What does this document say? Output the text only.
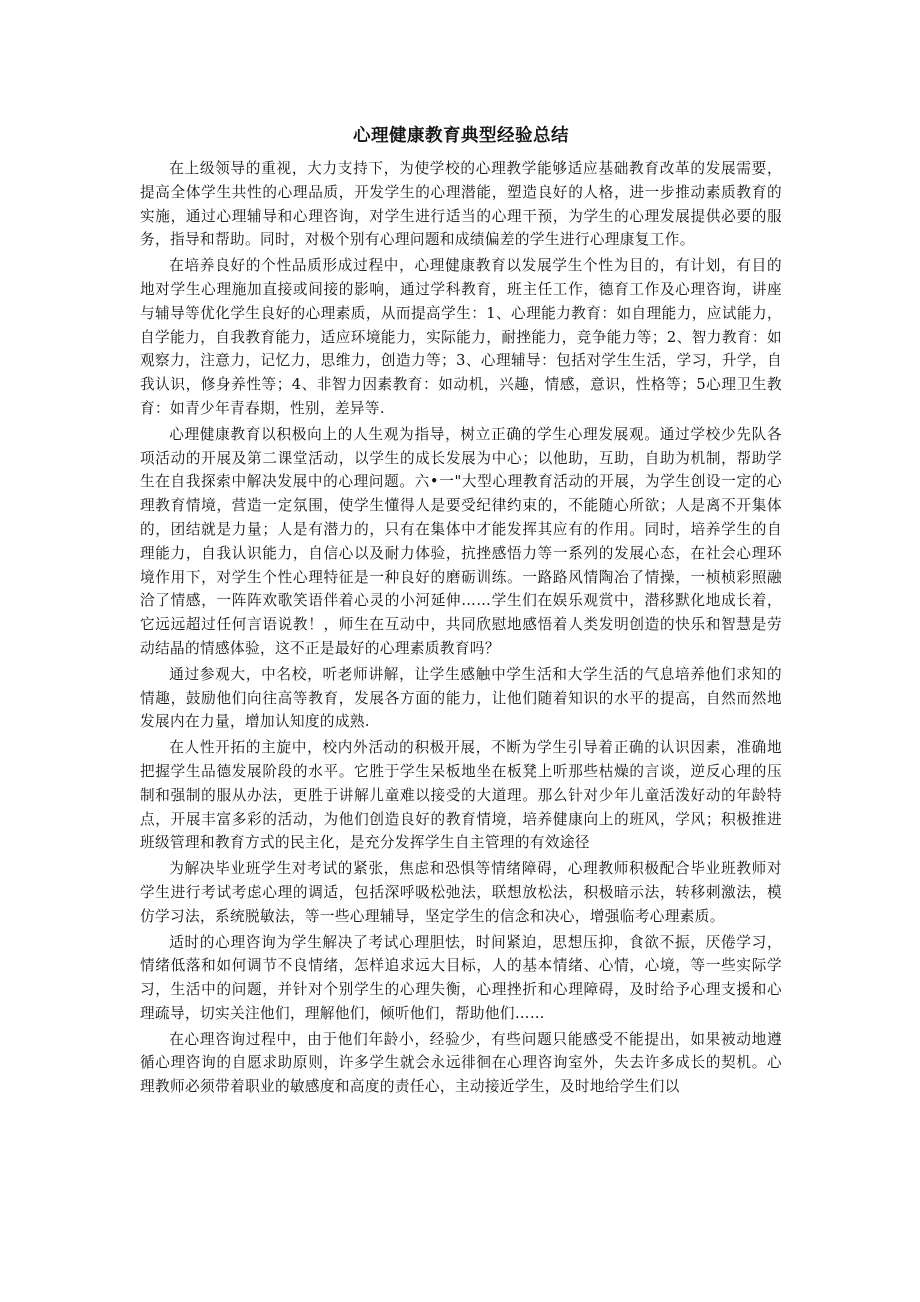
心理健康教育典型经验总结

在上级领导的重视，大力支持下，为使学校的心理教学能够适应基础教育改革的发展需要，提高全体学生共性的心理品质，开发学生的心理潜能，塑造良好的人格，进一步推动素质教育的实施，通过心理辅导和心理咨询，对学生进行适当的心理干预，为学生的心理发展提供必要的服务，指导和帮助。同时，对极个别有心理问题和成绩偏差的学生进行心理康复工作。

在培养良好的个性品质形成过程中，心理健康教育以发展学生个性为目的，有计划，有目的地对学生心理施加直接或间接的影响，通过学科教育，班主任工作，德育工作及心理咨询，讲座与辅导等优化学生良好的心理素质，从而提高学生：1、心理能力教育：如自理能力，应试能力，自学能力，自我教育能力，适应环境能力，实际能力，耐挫能力，竞争能力等；2、智力教育：如观察力，注意力，记忆力，思维力，创造力等；3、心理辅导：包括对学生生活，学习，升学，自我认识，修身养性等；4、非智力因素教育：如动机，兴趣，情感，意识，性格等；5心理卫生教育：如青少年青春期，性别，差异等.

心理健康教育以积极向上的人生观为指导，树立正确的学生心理发展观。通过学校少先队各项活动的开展及第二课堂活动，以学生的成长发展为中心；以他助，互助，自助为机制，帮助学生在自我探索中解决发展中的心理问题。六•一"大型心理教育活动的开展，为学生创设一定的心理教育情境，营造一定氛围，使学生懂得人是要受纪律约束的，不能随心所欲；人是离不开集体的，团结就是力量；人是有潜力的，只有在集体中才能发挥其应有的作用。同时，培养学生的自理能力，自我认识能力，自信心以及耐力体验，抗挫感悟力等一系列的发展心态，在社会心理环境作用下，对学生个性心理特征是一种良好的磨砺训练。一路路风情陶冶了情操，一桢桢彩照融洽了情感，一阵阵欢歌笑语伴着心灵的小河延伸……学生们在娱乐观赏中，潜移默化地成长着，它远远超过任何言语说教！，师生在互动中，共同欣慰地感悟着人类发明创造的快乐和智慧是劳动结晶的情感体验，这不正是最好的心理素质教育吗？

通过参观大，中名校，听老师讲解，让学生感触中学生活和大学生活的气息培养他们求知的情趣，鼓励他们向往高等教育，发展各方面的能力，让他们随着知识的水平的提高，自然而然地发展内在力量，增加认知度的成熟.

在人性开拓的主旋中，校内外活动的积极开展，不断为学生引导着正确的认识因素，准确地把握学生品德发展阶段的水平。它胜于学生呆板地坐在板凳上听那些枯燥的言谈，逆反心理的压制和强制的服从办法，更胜于讲解儿童难以接受的大道理。那么针对少年儿童活泼好动的年龄特点，开展丰富多彩的活动，为他们创造良好的教育情境，培养健康向上的班风，学风；积极推进班级管理和教育方式的民主化，是充分发挥学生自主管理的有效途径

为解决毕业班学生对考试的紧张，焦虑和恐惧等情绪障碍，心理教师积极配合毕业班教师对学生进行考试考虑心理的调适，包括深呼吸松弛法，联想放松法，积极暗示法，转移刺激法，模仿学习法，系统脱敏法，等一些心理辅导，坚定学生的信念和决心，增强临考心理素质。

适时的心理咨询为学生解决了考试心理胆怯，时间紧迫，思想压抑，食欲不振，厌倦学习，情绪低落和如何调节不良情绪，怎样追求远大目标，人的基本情绪、心情，心境，等一些实际学习，生活中的问题，并针对个别学生的心理失衡，心理挫折和心理障碍，及时给予心理支援和心理疏导，切实关注他们，理解他们，倾听他们，帮助他们……

在心理咨询过程中，由于他们年龄小，经验少，有些问题只能感受不能提出，如果被动地遵循心理咨询的自愿求助原则，许多学生就会永远徘徊在心理咨询室外，失去许多成长的契机。心理教师必须带着职业的敏感度和高度的责任心，主动接近学生，及时地给学生们以
